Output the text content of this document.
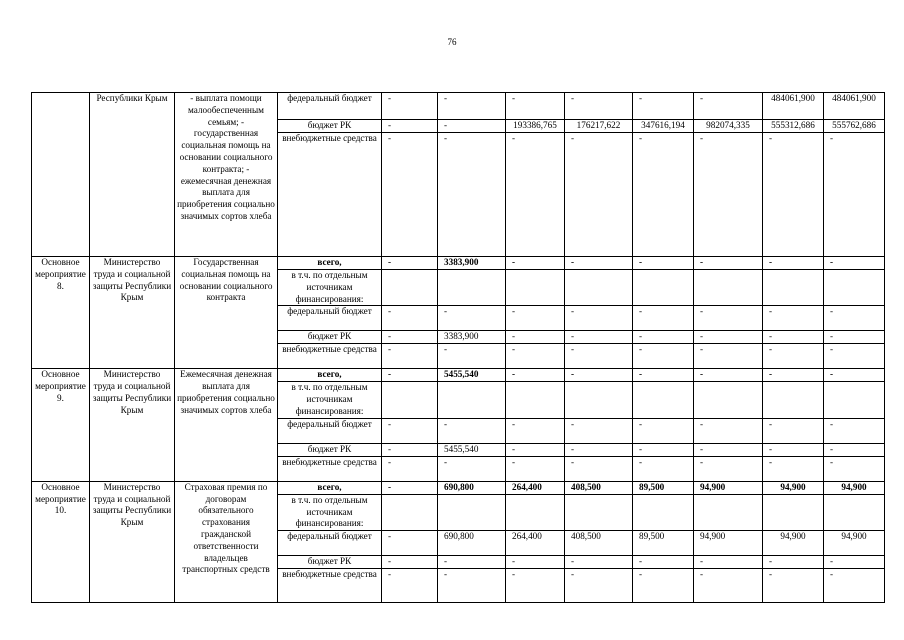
76
	Республики Крым	- выплата помощи малообеспеченным семьям; - государственная социальная помощь на основании социального контракта; - ежемесячная денежная выплата для приобретения социально значимых сортов хлеба	федеральный бюджет	-	-	-	-	-	-	484061,900	484061,900
			бюджет РК	-	-	193386,765	176217,622	347616,194	982074,335	555312,686	555762,686
			внебюджетные средства	-	-	-	-	-	-	-	-
Основное мероприятие 8.	Министерство труда и социальной защиты Республики Крым	Государственная социальная помощь на основании социального контракта	всего,	-	3383,900	-	-	-	-	-	-
			в т.ч. по отдельным источникам финансирования:								
			федеральный бюджет	-	-	-	-	-	-	-	-
			бюджет РК	-	3383,900	-	-	-	-	-	-
			внебюджетные средства	-	-	-	-	-	-	-	-
Основное мероприятие 9.	Министерство труда и социальной защиты Республики Крым	Ежемесячная денежная выплата для приобретения социально значимых сортов хлеба	всего,	-	5455,540	-	-	-	-	-	-
			в т.ч. по отдельным источникам финансирования:								
			федеральный бюджет	-	-	-	-	-	-	-	-
			бюджет РК	-	5455,540	-	-	-	-	-	-
			внебюджетные средства	-	-	-	-	-	-	-	-
Основное мероприятие 10.	Министерство труда и социальной защиты Республики Крым	Страховая премия по договорам обязательного страхования гражданской ответственности владельцев транспортных средств	всего,	-	690,800	264,400	408,500	89,500	94,900	94,900	94,900
			в т.ч. по отдельным источникам финансирования:								
			федеральный бюджет	-	690,800	264,400	408,500	89,500	94,900	94,900	94,900
			бюджет РК	-	-	-	-	-	-	-	-
			внебюджетные средства	-	-	-	-	-	-	-	-
